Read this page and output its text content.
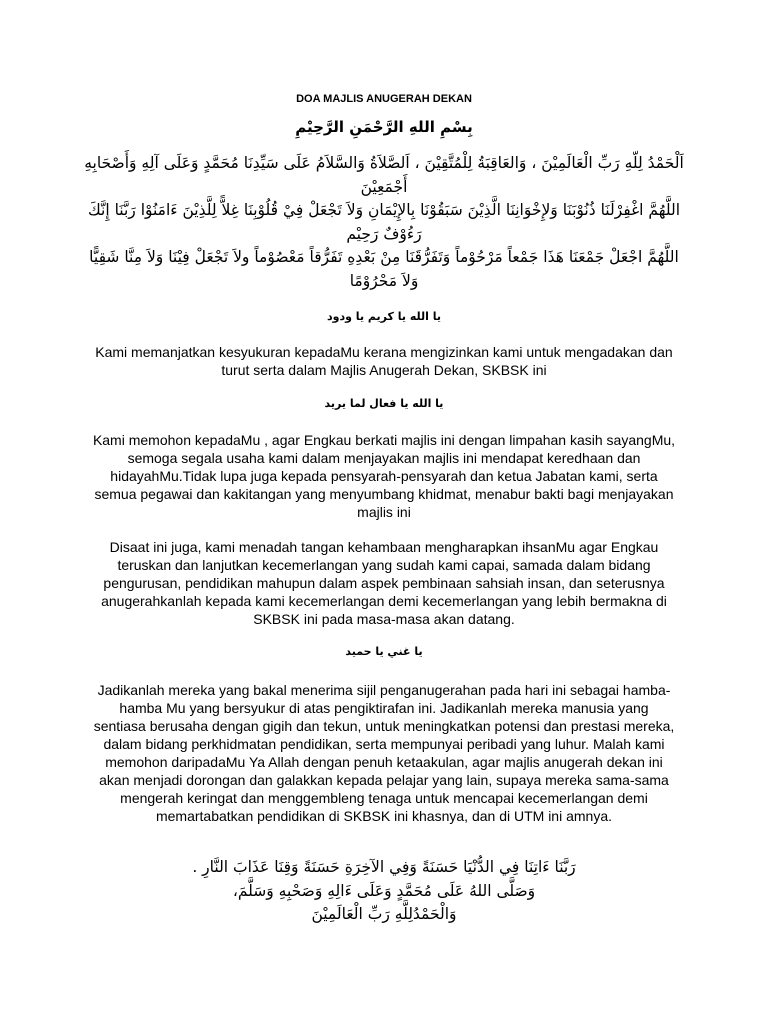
DOA MAJLIS ANUGERAH DEKAN
بِسْمِ اللهِ الرَّحْمَنِ الرَّحِيْمِ

اَلْحَمْدُ لِلّهِ رَبِّ الْعَالَمِيْنَ ، وَالعَاقِبَةُ لِلْمُتَّقِيْنَ ، اَلصَّلاَةُ وَالسَّلاَمُ عَلَى سَيِّدِنَا مُحَمَّدٍ وَعَلَى آلِهِ وَأَصْحَابِهِ أَجْمَعِيْنَ

اللَّهُمَّ اغْفِرْلَنَا ذُنُوْبَنَا وَلإِخْوَانِنَا الَّذِيْنَ سَبَقُوْنَا بِالإِيْمَانِ وَلاَ تَجْعَلْ فِيْ قُلُوْبِنَا غِلاًّ لِلَّذِيْنَ ءَامَنُوْا رَبَّنَا إِنَّكَ رَءُوْفٌ رَحِيْم

اللَّهُمَّ اجْعَلْ جَمْعَنَا هَذَا جَمْعاً مَرْحُوْماً وَتَفَرُّقَنَا مِنْ بَعْدِهِ تَفَرُّقاً مَعْصُوْماً ولاَ تَجْعَلْ فِيْنَا وَلاَ مِنَّا شَقِيًّا وَلاَ مَحْرُوْمًا

يا الله يا كريم يا ودود
Kami memanjatkan kesyukuran kepadaMu kerana mengizinkan kami untuk mengadakan dan turut serta dalam Majlis Anugerah Dekan, SKBSK ini
يا الله يا فعال لما يريد
Kami memohon kepadaMu , agar Engkau berkati majlis ini dengan limpahan kasih sayangMu, semoga segala usaha kami dalam menjayakan majlis ini mendapat keredhaan dan hidayahMu.Tidak lupa juga kepada pensyarah-pensyarah dan ketua Jabatan kami, serta semua pegawai dan kakitangan yang menyumbang khidmat, menabur bakti bagi menjayakan majlis ini
Disaat ini juga, kami menadah tangan kehambaan mengharapkan ihsanMu agar Engkau teruskan dan lanjutkan kecemerlangan yang sudah kami capai, samada dalam bidang pengurusan, pendidikan mahupun dalam aspek pembinaan sahsiah insan, dan seterusnya anugerahkanlah kepada kami kecemerlangan demi kecemerlangan yang lebih bermakna di SKBSK ini pada masa-masa akan datang.
يا غني يا حميد
Jadikanlah mereka yang bakal menerima sijil penganugerahan pada hari ini sebagai hamba-hamba Mu yang bersyukur di atas pengiktirafan ini. Jadikanlah mereka manusia yang sentiasa berusaha dengan gigih dan tekun, untuk meningkatkan potensi dan prestasi mereka, dalam bidang perkhidmatan pendidikan, serta mempunyai peribadi yang luhur. Malah kami memohon daripadaMu Ya Allah dengan penuh ketaakulan, agar majlis anugerah dekan ini akan menjadi dorongan dan galakkan kepada pelajar yang lain, supaya mereka sama-sama mengerah keringat dan menggembleng tenaga untuk mencapai kecemerlangan demi memartabatkan pendidikan di SKBSK ini khasnya, dan di UTM ini amnya.

رَبَّنَا ءَاتِنَا فِي الدُّنْيَا حَسَنَةً وَفِي الآخِرَةِ حَسَنَةً وَقِنَا عَذَابَ النَّارِ .

وَصَلَّى اللهُ عَلَى مُحَمَّدٍ وَعَلَى ءَالِهِ وَصَحْبِهِ وَسَلَّمَ،

وَالْحَمْدُلِلَّهِ رَبِّ الْعَالَمِيْنَ
